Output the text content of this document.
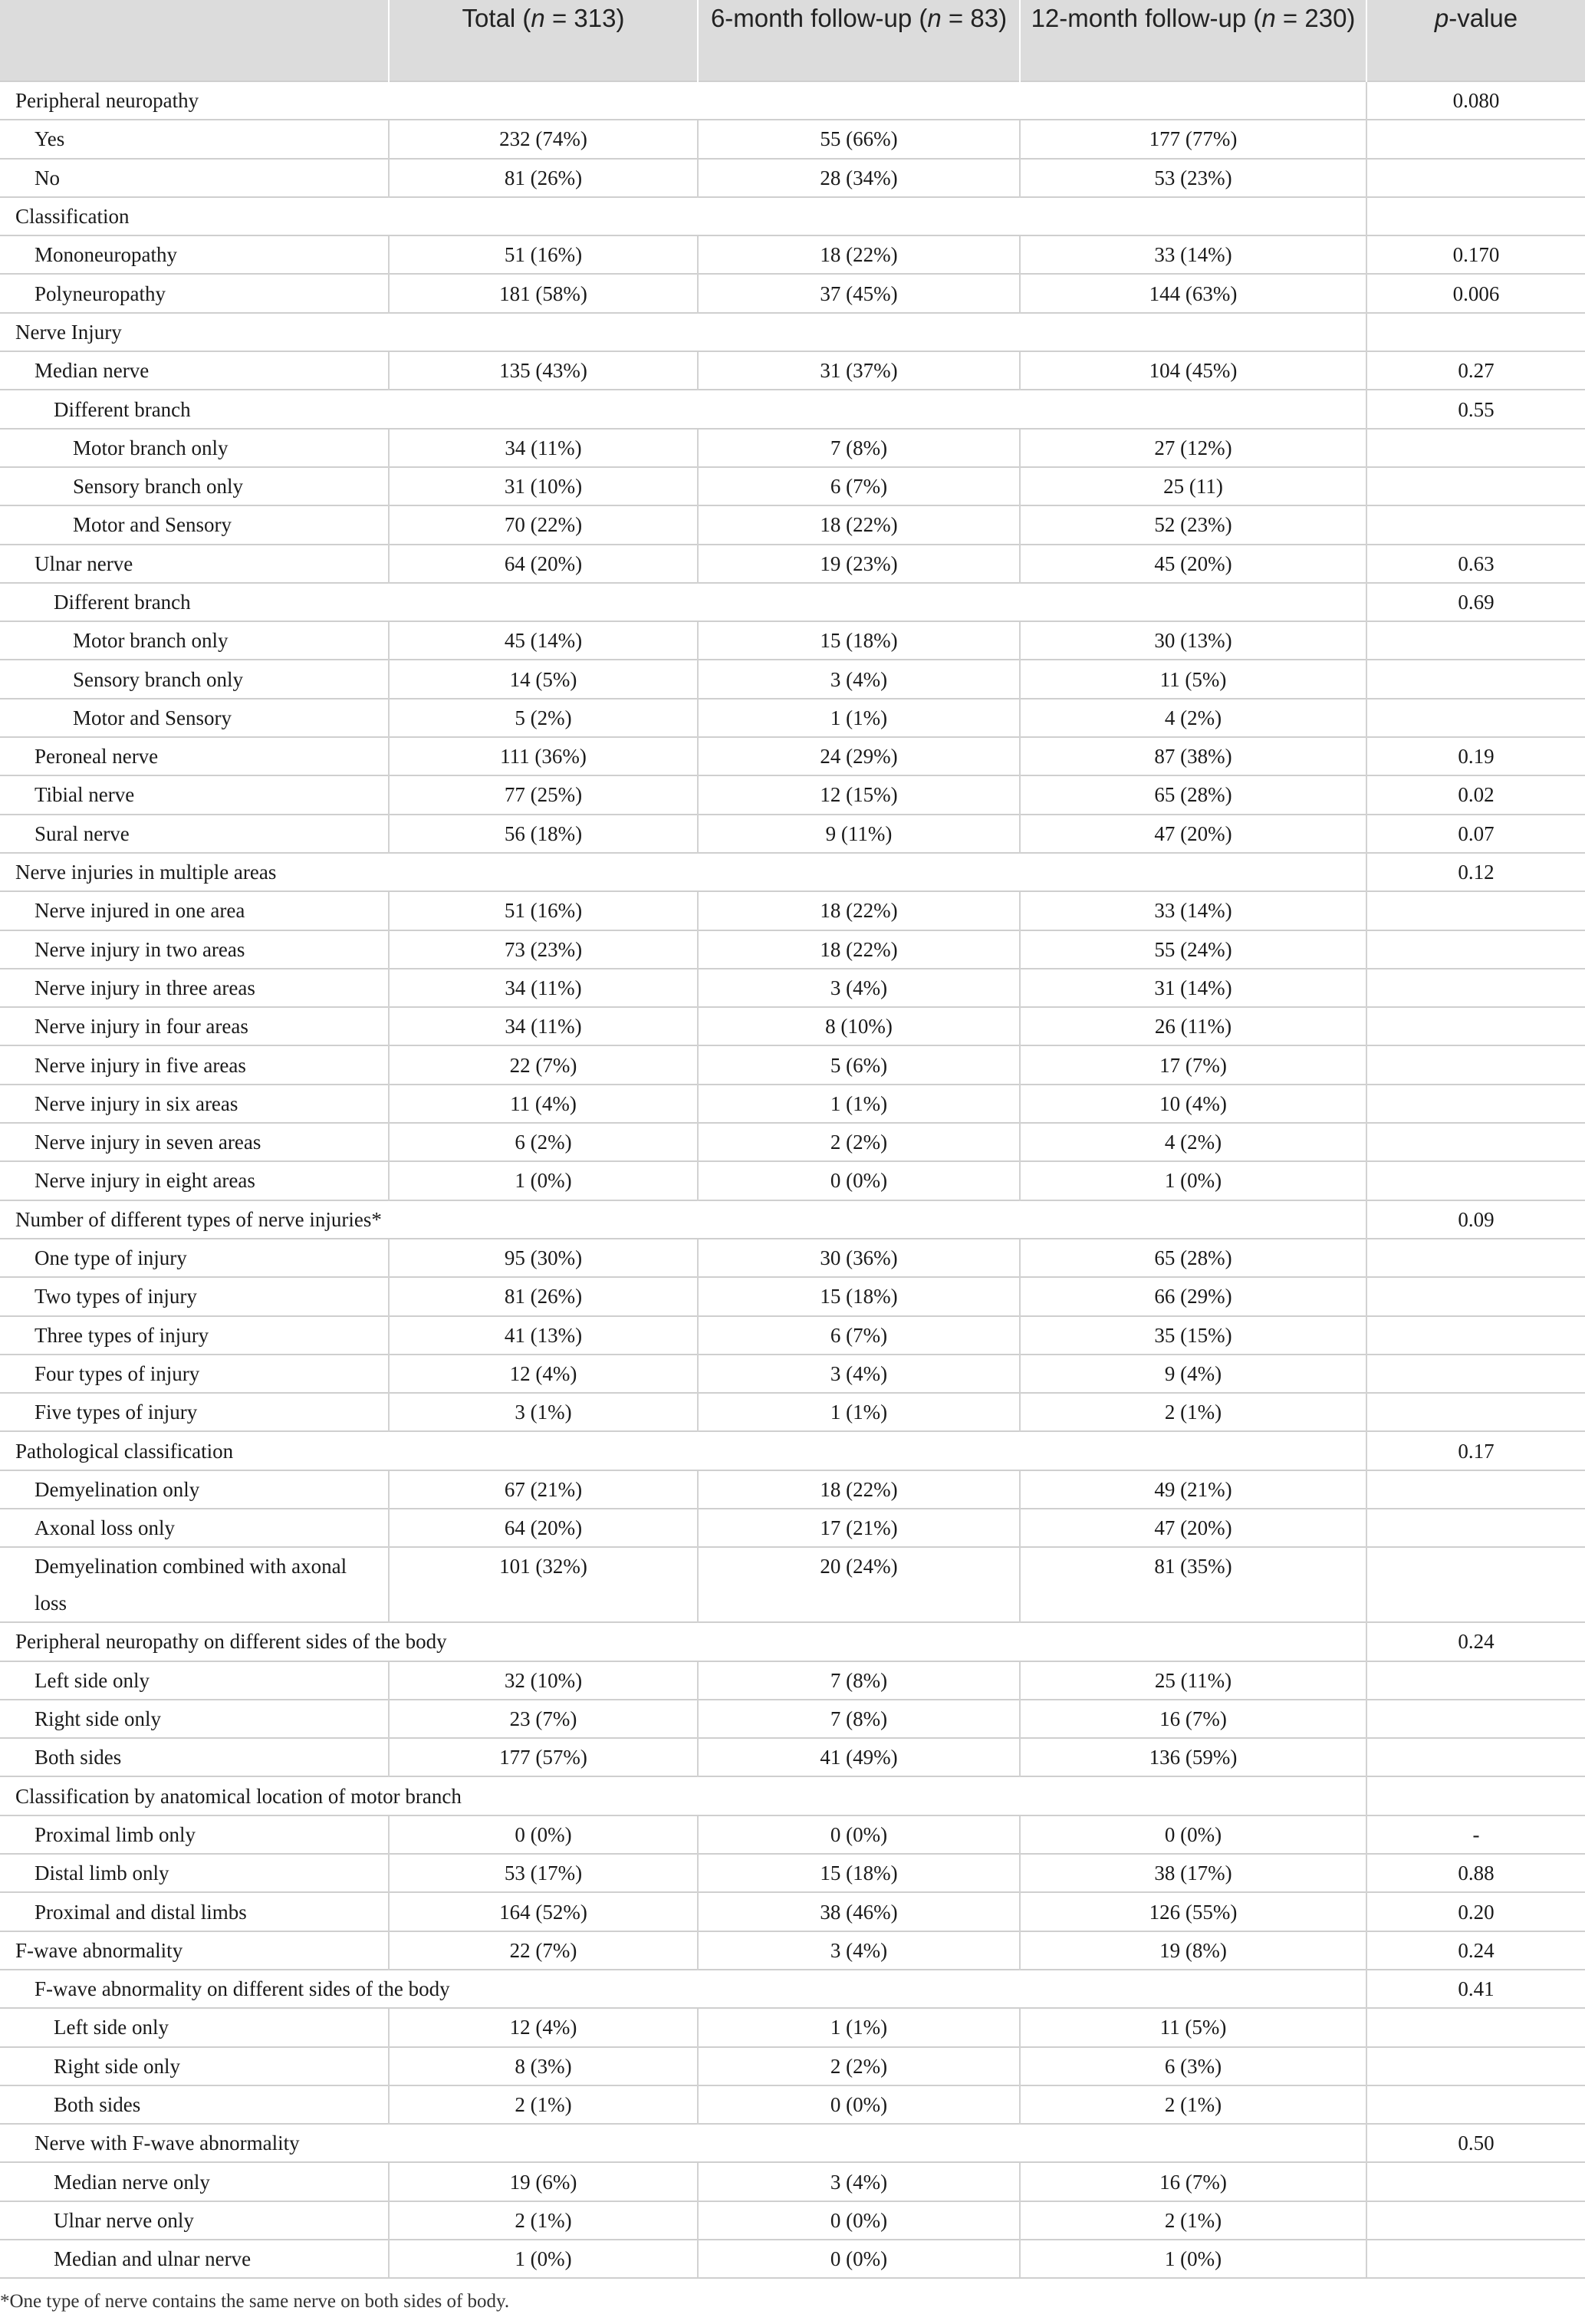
	Total (n = 313)	6-month follow-up (n = 83)	12-month follow-up (n = 230)	p-value
Peripheral neuropathy				0.080
Yes	232 (74%)	55 (66%)	177 (77%)	
No	81 (26%)	28 (34%)	53 (23%)	
Classification				
Mononeuropathy	51 (16%)	18 (22%)	33 (14%)	0.170
Polyneuropathy	181 (58%)	37 (45%)	144 (63%)	0.006
Nerve Injury				
Median nerve	135 (43%)	31 (37%)	104 (45%)	0.27
Different branch				0.55
Motor branch only	34 (11%)	7 (8%)	27 (12%)	
Sensory branch only	31 (10%)	6 (7%)	25 (11)	
Motor and Sensory	70 (22%)	18 (22%)	52 (23%)	
Ulnar nerve	64 (20%)	19 (23%)	45 (20%)	0.63
Different branch				0.69
Motor branch only	45 (14%)	15 (18%)	30 (13%)	
Sensory branch only	14 (5%)	3 (4%)	11 (5%)	
Motor and Sensory	5 (2%)	1 (1%)	4 (2%)	
Peroneal nerve	111 (36%)	24 (29%)	87 (38%)	0.19
Tibial nerve	77 (25%)	12 (15%)	65 (28%)	0.02
Sural nerve	56 (18%)	9 (11%)	47 (20%)	0.07
Nerve injuries in multiple areas				0.12
Nerve injured in one area	51 (16%)	18 (22%)	33 (14%)	
Nerve injury in two areas	73 (23%)	18 (22%)	55 (24%)	
Nerve injury in three areas	34 (11%)	3 (4%)	31 (14%)	
Nerve injury in four areas	34 (11%)	8 (10%)	26 (11%)	
Nerve injury in five areas	22 (7%)	5 (6%)	17 (7%)	
Nerve injury in six areas	11 (4%)	1 (1%)	10 (4%)	
Nerve injury in seven areas	6 (2%)	2 (2%)	4 (2%)	
Nerve injury in eight areas	1 (0%)	0 (0%)	1 (0%)	
Number of different types of nerve injuries*				0.09
One type of injury	95 (30%)	30 (36%)	65 (28%)	
Two types of injury	81 (26%)	15 (18%)	66 (29%)	
Three types of injury	41 (13%)	6 (7%)	35 (15%)	
Four types of injury	12 (4%)	3 (4%)	9 (4%)	
Five types of injury	3 (1%)	1 (1%)	2 (1%)	
Pathological classification				0.17
Demyelination only	67 (21%)	18 (22%)	49 (21%)	
Axonal loss only	64 (20%)	17 (21%)	47 (20%)	
Demyelination combined with axonal loss	101 (32%)	20 (24%)	81 (35%)	
Peripheral neuropathy on different sides of the body				0.24
Left side only	32 (10%)	7 (8%)	25 (11%)	
Right side only	23 (7%)	7 (8%)	16 (7%)	
Both sides	177 (57%)	41 (49%)	136 (59%)	
Classification by anatomical location of motor branch				
Proximal limb only	0 (0%)	0 (0%)	0 (0%)	-
Distal limb only	53 (17%)	15 (18%)	38 (17%)	0.88
Proximal and distal limbs	164 (52%)	38 (46%)	126 (55%)	0.20
F-wave abnormality	22 (7%)	3 (4%)	19 (8%)	0.24
F-wave abnormality on different sides of the body				0.41
Left side only	12 (4%)	1 (1%)	11 (5%)	
Right side only	8 (3%)	2 (2%)	6 (3%)	
Both sides	2 (1%)	0 (0%)	2 (1%)	
Nerve with F-wave abnormality				0.50
Median nerve only	19 (6%)	3 (4%)	16 (7%)	
Ulnar nerve only	2 (1%)	0 (0%)	2 (1%)	
Median and ulnar nerve	1 (0%)	0 (0%)	1 (0%)	
*One type of nerve contains the same nerve on both sides of body.
